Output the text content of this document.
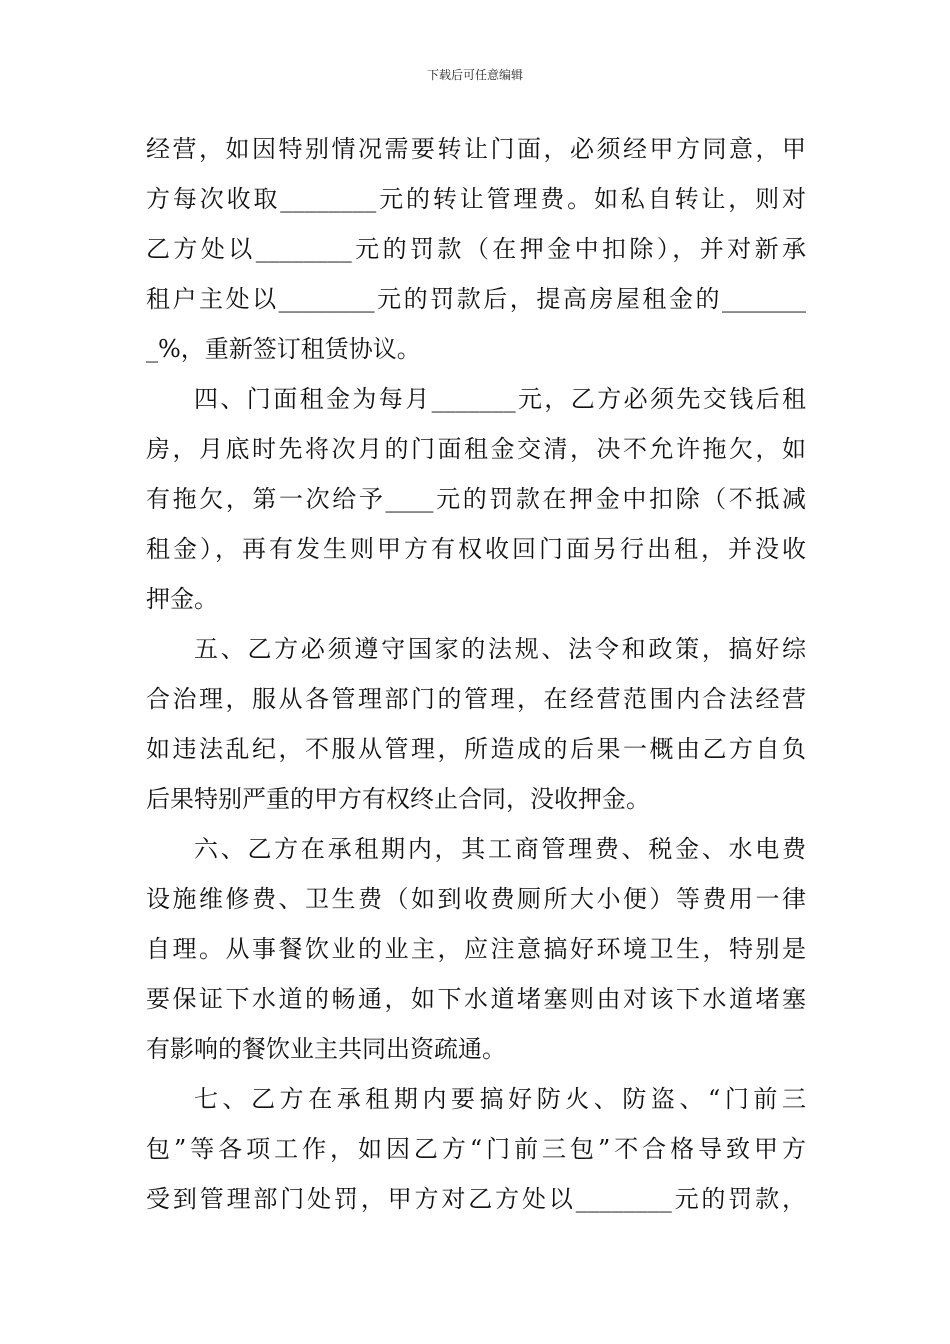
下载后可任意编辑
经营，如因特别情况需要转让门面，必须经甲方同意，甲
方每次收取________元的转让管理费。如私自转让，则对
乙方处以________元的罚款（在押金中扣除），并对新承
租户主处以________元的罚款后，提高房屋租金的_______
_%，重新签订租赁协议。
四、门面租金为每月_______元，乙方必须先交钱后租
房，月底时先将次月的门面租金交清，决不允许拖欠，如
有拖欠，第一次给予____元的罚款在押金中扣除（不抵减
租金），再有发生则甲方有权收回门面另行出租，并没收
押金。
五、乙方必须遵守国家的法规、法令和政策，搞好综
合治理，服从各管理部门的管理，在经营范围内合法经营
如违法乱纪，不服从管理，所造成的后果一概由乙方自负
后果特别严重的甲方有权终止合同，没收押金。
六、乙方在承租期内，其工商管理费、税金、水电费
设施维修费、卫生费（如到收费厕所大小便）等费用一律
自理。从事餐饮业的业主，应注意搞好环境卫生，特别是
要保证下水道的畅通，如下水道堵塞则由对该下水道堵塞
有影响的餐饮业主共同出资疏通。
七、乙方在承租期内要搞好防火、防盗、“门前三
包”等各项工作，如因乙方“门前三包”不合格导致甲方
受到管理部门处罚，甲方对乙方处以________元的罚款，
